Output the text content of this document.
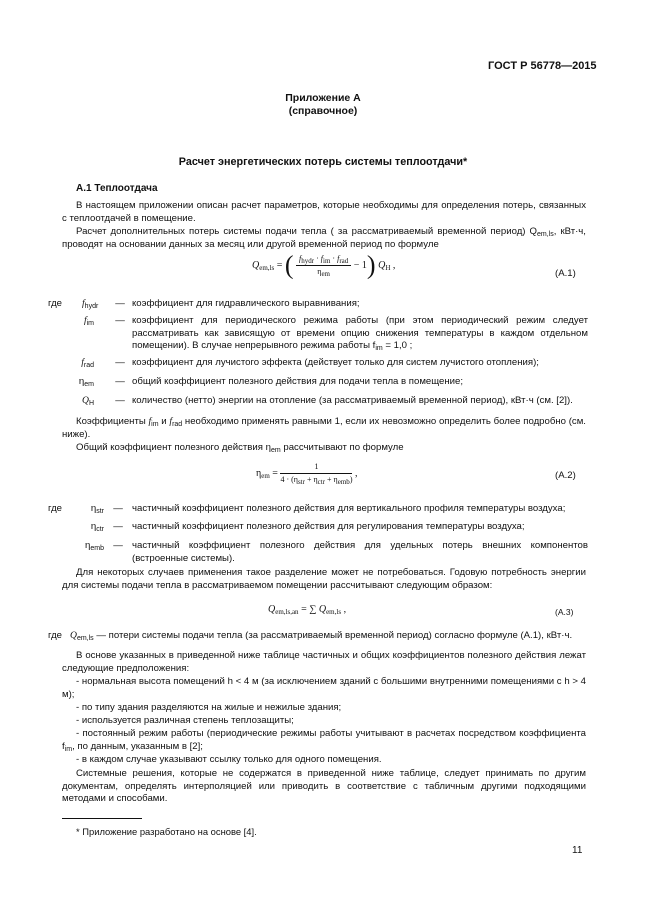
ГОСТ Р 56778—2015
Приложение А
(справочное)
Расчет энергетических потерь системы теплоотдачи*
А.1 Теплоотдача
В настоящем приложении описан расчет параметров, которые необходимы для определения потерь, связанных с теплоотдачей в помещение.
Расчет дополнительных потерь системы подачи тепла ( за рассматриваемый временной период) $Q_{em,ls}$, кВт·ч, проводят на основании данных за месяц или другой временной период по формуле
$Q_{em,ls}$ = ( $\frac{f_{hydr} \cdot f_{im} \cdot f_{rad}}{\eta_{em}} - 1$) $Q_H$ ,
(А.1)
где $f_{hydr}$ — коэффициент для гидравлического выравнивания;
$f_{im}$ — коэффициент для периодического режима работы (при этом периодический режим следует рассматривать как зависящую от времени опцию снижения температуры в каждом отдельном помещении). В случае непрерывного режима работы $f_{im} = 1,0$ ;
$f_{rad}$ — коэффициент для лучистого эффекта (действует только для систем лучистого отопления);
$\eta_{em}$ — общий коэффициент полезного действия для подачи тепла в помещение;
$Q_H$ — количество (нетто) энергии на отопление (за рассматриваемый временной период), кВт·ч (см. [2]).
Коэффициенты $f_{im}$ и $f_{rad}$ необходимо применять равными 1, если их невозможно определить более подробно (см. ниже).
Общий коэффициент полезного действия $\eta_{em}$ рассчитывают по формуле
$\eta_{em} = \frac{1}{4 \cdot (\eta_{str} + \eta_{ctr} + \eta_{emb})}$ ,	(А.2)
где	$\eta_{str}$ — частичный коэффициент полезного действия для вертикального профиля температуры воздуха;
$\eta_{ctr}$ — частичный коэффициент полезного действия для регулирования температуры воздуха;
$\eta_{emb}$ — частичный коэффициент полезного действия для удельных потерь внешних компонентов (встроенные системы).
Для некоторых случаев применения такое разделение может не потребоваться. Годовую потребность энергии для системы подачи тепла в рассматриваемом помещении рассчитывают следующим образом:
$Q_{em,ls,an}$ = ∑ $Q_{em,ls}$ ,	(А.3)
где $Q_{em,ls}$ — потери системы подачи тепла (за рассматриваемый временной период) согласно формуле (А.1), кВт·ч.
В основе указанных в приведенной ниже таблице частичных и общих коэффициентов полезного действия лежат следующие предположения:
- нормальная высота помещений h < 4 м (за исключением зданий с большими внутренними помещениями с h > 4 м);
- по типу здания разделяются на жилые и нежилые здания;
- используется различная степень теплозащиты;
- постоянный режим работы (периодические режимы работы учитывают в расчетах посредством коэффициента $f_{im}$, по данным, указанным в [2];
- в каждом случае указывают ссылку только для одного помещения.
Системные решения, которые не содержатся в приведенной ниже таблице, следует принимать по другим документам, определять интерполяцией или приводить в соответствие с табличным другими подходящими методами и способами.
* Приложение разработано на основе [4].
11
